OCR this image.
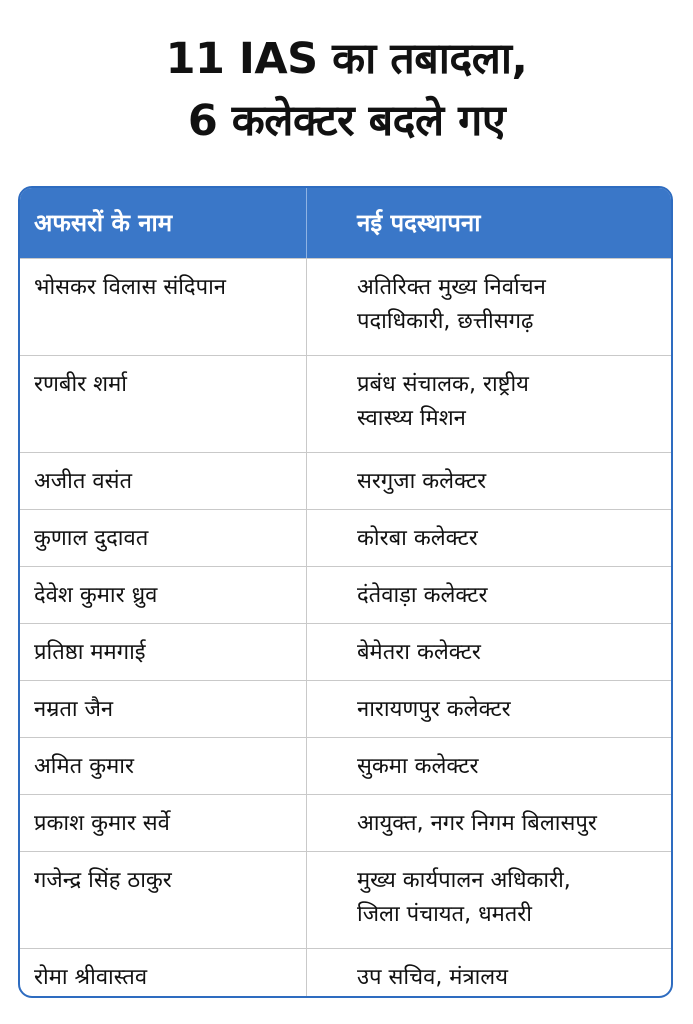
11 IAS का तबादला,
6 कलेक्टर बदले गए
अफसरों के नाम	नई पदस्थापना
भोसकर विलास संदिपान	अतिरिक्त मुख्य निर्वाचन
पदाधिकारी, छत्तीसगढ़
रणबीर शर्मा	प्रबंध संचालक, राष्ट्रीय
स्वास्थ्य मिशन
अजीत वसंत	सरगुजा कलेक्टर
कुणाल दुदावत	कोरबा कलेक्टर
देवेश कुमार ध्रुव	दंतेवाड़ा कलेक्टर
प्रतिष्ठा ममगाई	बेमेतरा कलेक्टर
नम्रता जैन	नारायणपुर कलेक्टर
अमित कुमार	सुकमा कलेक्टर
प्रकाश कुमार सर्वे	आयुक्त, नगर निगम बिलासपुर
गजेन्द्र सिंह ठाकुर	मुख्य कार्यपालन अधिकारी,
जिला पंचायत, धमतरी
रोमा श्रीवास्तव	उप सचिव, मंत्रालय
